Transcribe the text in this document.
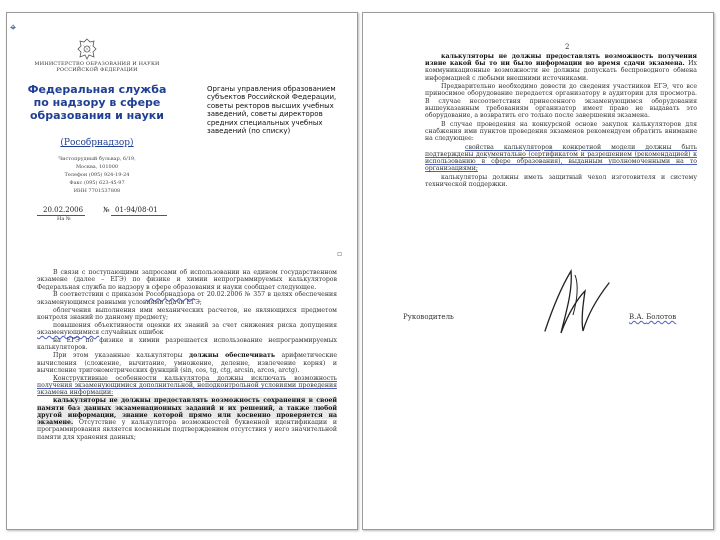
⌖
МИНИСТЕРСТВО ОБРАЗОВАНИЯ И НАУКИ РОССИЙСКОЙ ФЕДЕРАЦИИ
Федеральная служба по надзору в сфере образования и науки
(Рособрнадзор)
Чистопрудный бульвар, 6/19,
Москва, 101000
Телефон (095) 924-19-24
Факс (095) 623-45-97
ИНН 7701537808
20.02.2006	№ 01-94/08-01
На №
Органы управления образованием субъектов Российской Федерации, советы ректоров высших учебных заведений, советы директоров средних специальных учебных заведений (по списку)
▫

В связи с поступающими запросами об использовании на едином государственном экзамене (далее – ЕГЭ) по физике и химии непрограммируемых калькуляторов Федеральная служба по надзору в сфере образования и науки сообщает следующее.

В соответствии с приказом Рособрнадзора от 20.02.2006 № 357 в целях обеспечения экзаменующимся равными условиями сдачи ЕГЭ;

облегчения выполнения ими механических расчетов, не являющихся предметом контроля знаний по данному предмету;

повышения объективности оценки их знаний за счет снижения риска допущения экзаменующимися случайных ошибок

на ЕГЭ по физике и химии разрешается использование непрограммируемых калькуляторов.

При этом указанные калькуляторы должны обеспечивать арифметические вычисления (сложение, вычитание, умножение, деление, извлечение корня) и вычисление тригонометрических функций (sin, cos, tg, ctg, arcsin, arcos, arctg).

Конструктивные особенности калькулятора должны исключать возможность получения экзаменующимися дополнительной, неподконтрольной условиями проведения экзамена информации:

калькуляторы не должны предоставлять возможность сохранения в своей памяти баз данных экзаменационных заданий и их решений, а также любой другой информации, знание которой прямо или косвенно проверяется на экзамене. Отсутствие у калькулятора возможностей буквенной идентификации и программирования является косвенным подтверждением отсутствия у него значительной памяти для хранения данных;

2

калькуляторы не должны предоставлять возможность получения извне какой бы то ни было информации во время сдачи экзамена. Их коммуникационные возможности не должны допускать беспроводного обмена информацией с любыми внешними источниками.

Предварительно необходимо довести до сведения участников ЕГЭ, что все приносимое оборудование передается организатору в аудитории для просмотра. В случае несоответствия принесенного экзаменующимся оборудования вышеуказанным требованиям организатор имеет право не выдавать это оборудование, а возвратить его только после завершения экзамена.

В случае проведения на конкурсной основе закупок калькуляторов для снабжения ими пунктов проведения экзаменов рекомендуем обратить внимание на следующее:

свойства калькуляторов конкретной модели должны быть подтверждены документально (сертификатом и разрешением (рекомендацией) к использованию в сфере образования), выданным уполномоченными на то организациями;

калькуляторы должны иметь защитный чехол изготовителя и систему технической поддержки.

Руководитель	В.А. Болотов
